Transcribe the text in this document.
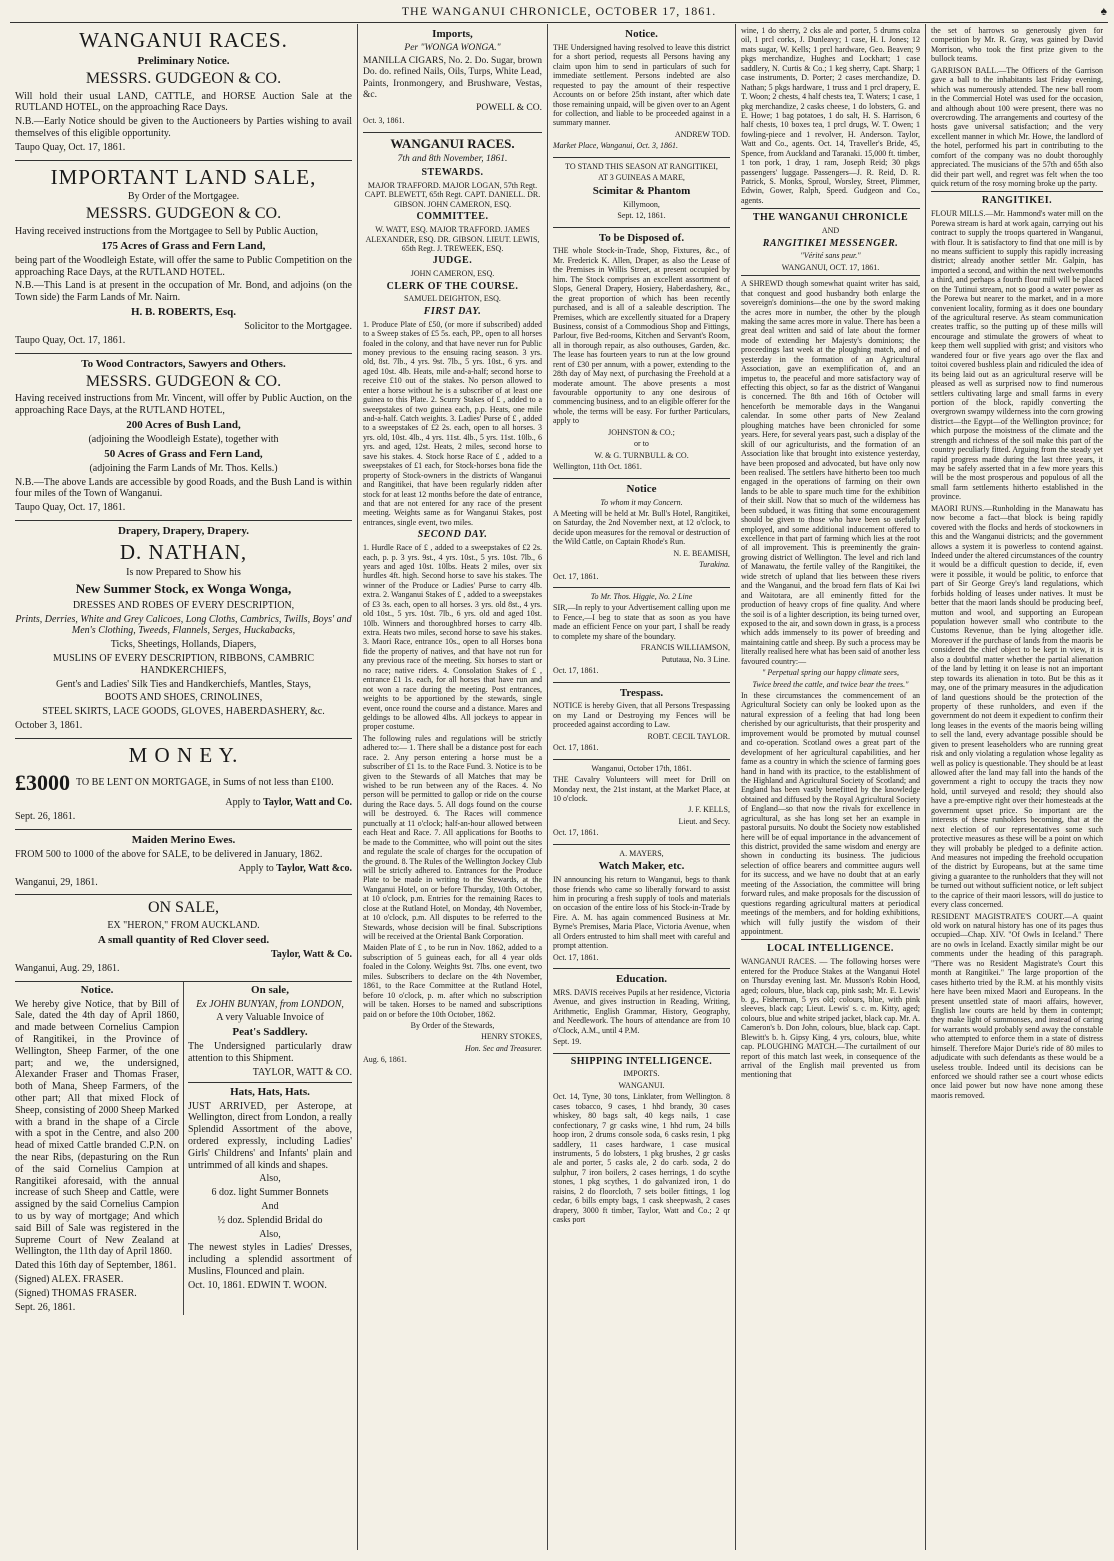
THE WANGANUI CHRONICLE, OCTOBER 17, 1861.	♠
WANGANUI RACES.
Preliminary Notice.
MESSRS. GUDGEON & CO.
Will hold their usual LAND, CATTLE, and HORSE Auction Sale at the RUTLAND HOTEL, on the approaching Race Days.
N.B.—Early Notice should be given to the Auctioneers by Parties wishing to avail themselves of this eligible opportunity.
Taupo Quay, Oct. 17, 1861.
IMPORTANT LAND SALE,
By Order of the Mortgagee.
MESSRS. GUDGEON & CO.
Having received instructions from the Mortgagee to Sell by Public Auction,
175 Acres of Grass and Fern Land,
being part of the Woodleigh Estate, will offer the same to Public Competition on the approaching Race Days, at the RUTLAND HOTEL.
N.B.—This Land is at present in the occupation of Mr. Bond, and adjoins (on the Town side) the Farm Lands of Mr. Nairn.
H. B. ROBERTS, Esq.
Solicitor to the Mortgagee.
Taupo Quay, Oct. 17, 1861.
To Wood Contractors, Sawyers and Others.
MESSRS. GUDGEON & CO.
Having received instructions from Mr. Vincent, will offer by Public Auction, on the approaching Race Days, at the RUTLAND HOTEL,
200 Acres of Bush Land,
(adjoining the Woodleigh Estate), together with
50 Acres of Grass and Fern Land,
(adjoining the Farm Lands of Mr. Thos. Kells.)
N.B.—The above Lands are accessible by good Roads, and the Bush Land is within four miles of the Town of Wanganui.
Taupo Quay, Oct. 17, 1861.
Drapery, Drapery, Drapery.
D. NATHAN,
Is now Prepared to Show his
New Summer Stock, ex Wonga Wonga,
DRESSES AND ROBES OF EVERY DESCRIPTION,
Prints, Derries, White and Grey Calicoes, Long Cloths, Cambrics, Twills, Boys' and Men's Clothing, Tweeds, Flannels, Serges, Huckabacks,
Ticks, Sheetings, Hollands, Diapers,
MUSLINS OF EVERY DESCRIPTION, RIBBONS, CAMBRIC HANDKERCHIEFS,
Gent's and Ladies' Silk Ties and Handkerchiefs, Mantles, Stays,
BOOTS AND SHOES, CRINOLINES,
STEEL SKIRTS, LACE GOODS, GLOVES, HABERDASHERY, &c.
October 3, 1861.
M O N E Y.
£3000 TO BE LENT ON MORTGAGE, in Sums of not less than £100.
Apply to Taylor, Watt and Co.
Sept. 26, 1861.
Maiden Merino Ewes.
FROM 500 to 1000 of the above for SALE, to be delivered in January, 1862.
Apply to Taylor, Watt &co.
Wanganui, 29, 1861.
ON SALE,
EX "HERON," FROM AUCKLAND.
A small quantity of Red Clover seed.
Taylor, Watt & Co.
Wanganui, Aug. 29, 1861.
Notice.
We hereby give Notice, that by Bill of Sale, dated the 4th day of April 1860, and made between Cornelius Campion of Rangitikei, in the Province of Wellington, Sheep Farmer, of the one part; and we, the undersigned, Alexander Fraser and Thomas Fraser, both of Mana, Sheep Farmers, of the other part; All that mixed Flock of Sheep, consisting of 2000 Sheep Marked with a brand in the shape of a Circle with a spot in the Centre, and also 200 head of mixed Cattle branded C.P.N. on the near Ribs, (depasturing on the Run of the said Cornelius Campion at Rangitikei aforesaid, with the annual increase of such Sheep and Cattle, were assigned by the said Cornelius Campion to us by way of mortgage; And which said Bill of Sale was registered in the Supreme Court of New Zealand at Wellington, the 11th day of April 1860.
Dated this 16th day of September, 1861.
(Signed) ALEX. FRASER.
(Signed) THOMAS FRASER.
Sept. 26, 1861.
On sale,
Ex JOHN BUNYAN, from LONDON,
A very Valuable Invoice of
Peat's Saddlery.
The Undersigned particularly draw attention to this Shipment.
TAYLOR, WATT & CO.
Hats, Hats, Hats.
JUST ARRIVED, per Asterope, at Wellington, direct from London, a really Splendid Assortment of the above, ordered expressly, including Ladies' Girls' Childrens' and Infants' plain and untrimmed of all kinds and shapes.
Also,
6 doz. light Summer Bonnets
And
½ doz. Splendid Bridal do
Also,
The newest styles in Ladies' Dresses, including a splendid assortment of Muslins, Flounced and plain.
Oct. 10, 1861. EDWIN T. WOON.
Imports,
Per "WONGA WONGA."
MANILLA CIGARS, No. 2. Do. Sugar, brown Do. do. refined Nails, Oils, Turps, White Lead, Paints, Ironmongery, and Brushware, Vestas, &c.
POWELL & CO.
Oct. 3, 1861.
WANGANUI RACES.
7th and 8th November, 1861.
STEWARDS.
MAJOR TRAFFORD. MAJOR LOGAN, 57th Regt. CAPT. BLEWETT, 65th Regt. CAPT. DANIELL. DR. GIBSON. JOHN CAMERON, ESQ.
COMMITTEE.
W. WATT, ESQ. MAJOR TRAFFORD. JAMES ALEXANDER, ESQ. DR. GIBSON. LIEUT. LEWIS, 65th Regt. J. TREWEEK, ESQ.
JUDGE.
JOHN CAMERON, ESQ.
CLERK OF THE COURSE.
SAMUEL DEIGHTON, ESQ.
FIRST DAY.
1. Produce Plate of £50, (or more if subscribed) added to a Sweep stakes of £5 5s. each, PP., open to all horses foaled in the colony, and that have never run for Public money previous to the ensuing racing season. 3 yrs. old, 8st. 7lb., 4 yrs. 9st. 7lb., 5 yrs. 10st., 6 yrs. and aged 10st. 4lb. Heats, mile and-a-half; second horse to receive £10 out of the stakes. No person allowed to enter a horse without he is a subscriber of at least one guinea to this Plate. 2. Scurry Stakes of £ , added to a sweepstakes of two guinea each, p.p. Heats, one mile and-a-half. Catch weights. 3. Ladies' Purse of £ , added to a sweepstakes of £2 2s. each, open to all horses. 3 yrs. old, 10st. 4lb., 4 yrs. 11st. 4lb., 5 yrs. 11st. 10lb., 6 yrs. and aged, 12st. Heats, 2 miles, second horse to save his stakes. 4. Stock horse Race of £ , added to a sweepstakes of £1 each, for Stock-horses bona fide the property of Stock-owners in the districts of Wanganui and Rangitikei, that have been regularly ridden after stock for at least 12 months before the date of entrance, and that are not entered for any race of the present meeting. Weights same as for Wanganui Stakes, post entrances, single event, two miles.
SECOND DAY.
1. Hurdle Race of £ , added to a sweepstakes of £2 2s. each, p. p. 3 yrs. 9st., 4 yrs. 10st., 5 yrs. 10st. 7lb., 6 years and aged 10st. 10lbs. Heats 2 miles, over six hurdles 4ft. high. Second horse to save his stakes. The winner of the Produce or Ladies' Purse to carry 4lb. extra. 2. Wanganui Stakes of £ , added to a sweepstakes of £3 3s. each, open to all horses. 3 yrs. old 8st., 4 yrs. old 10st., 5 yrs. 10st. 7lb., 6 yrs. old and aged 10st. 10lb. Winners and thoroughbred horses to carry 4lb. extra. Heats two miles, second horse to save his stakes. 3. Maori Race, entrance 10s., open to all Horses bona fide the property of natives, and that have not run for any previous race of the meeting. Six horses to start or no race; native riders. 4. Consolation Stakes of £ , entrance £1 1s. each, for all horses that have run and not won a race during the meeting. Post entrances, weights to be apportioned by the stewards, single event, once round the course and a distance. Mares and geldings to be allowed 4lbs. All jockeys to appear in proper costume.
The following rules and regulations will be strictly adhered to:— 1. There shall be a distance post for each race. 2. Any person entering a horse must be a subscriber of £1 1s. to the Race Fund. 3. Notice is to be given to the Stewards of all Matches that may be wished to be run between any of the Races. 4. No person will be permitted to gallop or ride on the course during the Race days. 5. All dogs found on the course will be destroyed. 6. The Races will commence punctually at 11 o'clock; half-an-hour allowed between each Heat and Race. 7. All applications for Booths to be made to the Committee, who will point out the sites and regulate the scale of charges for the occupation of the ground. 8. The Rules of the Wellington Jockey Club will be strictly adhered to. Entrances for the Produce Plate to be made in writing to the Stewards, at the Wanganui Hotel, on or before Thursday, 10th October, at 10 o'clock, p.m. Entries for the remaining Races to close at the Rutland Hotel, on Monday, 4th November, at 10 o'clock, p.m. All disputes to be referred to the Stewards, whose decision will be final. Subscriptions will be received at the Oriental Bank Corporation.
Maiden Plate of £ , to be run in Nov. 1862, added to a subscription of 5 guineas each, for all 4 year olds foaled in the Colony. Weights 9st. 7lbs. one event, two miles. Subscribers to declare on the 4th November, 1861, to the Race Committee at the Rutland Hotel, before 10 o'clock, p. m. after which no subscription will be taken. Horses to be named and subscriptions paid on or before the 10th October, 1862.
By Order of the Stewards,
HENRY STOKES,
Hon. Sec and Treasurer.
Aug. 6, 1861.
Notice.
THE Undersigned having resolved to leave this district for a short period, requests all Persons having any claim upon him to send in particulars of such for immediate settlement. Persons indebted are also requested to pay the amount of their respective Accounts on or before 25th instant, after which date those remaining unpaid, will be given over to an Agent for collection, and liable to be proceeded against in a summary manner.
ANDREW TOD.
Market Place, Wanganui, Oct. 3, 1861.
TO STAND THIS SEASON AT RANGITIKEI,
AT 3 GUINEAS A MARE,
Scimitar & Phantom
Killymoon,
Sept. 12, 1861.
To be Disposed of.
THE whole Stock-in-Trade, Shop, Fixtures, &c., of Mr. Frederick K. Allen, Draper, as also the Lease of the Premises in Willis Street, at present occupied by him. The Stock comprises an excellent assortment of Slops, General Drapery, Hosiery, Haberdashery, &c., the great proportion of which has been recently purchased, and is all of a saleable description. The Premises, which are excellently situated for a Drapery Business, consist of a Commodious Shop and Fittings, Parlour, five Bed-rooms, Kitchen and Servant's Room, all in thorough repair, as also outhouses, Garden, &c. The lease has fourteen years to run at the low ground rent of £30 per annum, with a power, extending to the 28th day of May next, of purchasing the Freehold at a moderate amount. The above presents a most favourable opportunity to any one desirous of commencing business, and to an eligible offerer for the whole, the terms will be easy. For further Particulars, apply to
JOHNSTON & CO.;
or to
W. & G. TURNBULL & CO.
Wellington, 11th Oct. 1861.
Notice
To whom it may Concern.
A Meeting will be held at Mr. Bull's Hotel, Rangitikei, on Saturday, the 2nd November next, at 12 o'clock, to decide upon measures for the removal or destruction of the Wild Cattle, on Captain Rhode's Run.
N. E. BEAMISH,
Turakina.
Oct. 17, 1861.
To Mr. Thos. Higgie, No. 2 Line
SIR,—In reply to your Advertisement calling upon me to Fence,—I beg to state that as soon as you have made an efficient Fence on your part, I shall be ready to complete my share of the boundary.
FRANCIS WILLIAMSON,
Pututaua, No. 3 Line.
Oct. 17, 1861.
Trespass.
NOTICE is hereby Given, that all Persons Trespassing on my Land or Destroying my Fences will be proceeded against according to Law.
ROBT. CECIL TAYLOR.
Oct. 17, 1861.
Wanganui, October 17th, 1861.
THE Cavalry Volunteers will meet for Drill on Monday next, the 21st instant, at the Market Place, at 10 o'clock.
J. F. KELLS,
Lieut. and Secy.
Oct. 17, 1861.
A. MAYERS,
Watch Maker, etc.
IN announcing his return to Wanganui, begs to thank those friends who came so liberally forward to assist him in procuring a fresh supply of tools and materials on occasion of the entire loss of his Stock-in-Trade by Fire. A. M. has again commenced Business at Mr. Byrne's Premises, Maria Place, Victoria Avenue, when all Orders entrusted to him shall meet with careful and prompt attention.
Oct. 17, 1861.
Education.
MRS. DAVIS receives Pupils at her residence, Victoria Avenue, and gives instruction in Reading, Writing, Arithmetic, English Grammar, History, Geography, and Needlework. The hours of attendance are from 10 o'Clock, A.M., until 4 P.M.
Sept. 19.
SHIPPING INTELLIGENCE.
IMPORTS.
WANGANUI.
Oct. 14, Tyne, 30 tons, Linklater, from Wellington. 8 cases tobacco, 9 cases, 1 hhd brandy, 30 cases whiskey, 80 bags salt, 40 kegs nails, 1 case confectionary, 7 gr casks wine, 1 hhd rum, 24 bills hoop iron, 2 drums console soda, 6 casks resin, 1 pkg saddlery, 11 cases hardware, 1 case musical instruments, 5 do lobsters, 1 pkg brushes, 2 gr casks ale and porter, 5 casks ale, 2 do carb. soda, 2 do sulphur, 7 iron boilers, 2 cases herrings, 1 do scythe stones, 1 pkg scythes, 1 do galvanized iron, 1 do raisins, 2 do floorcloth, 7 sets boiler fittings, 1 log cedar, 6 bills empty bags, 1 cask sheepwash, 2 cases drapery, 3000 ft timber, Taylor, Watt and Co.; 2 qr casks port
wine, 1 do sherry, 2 cks ale and porter, 5 drums colza oil, 1 prcl corks, J. Dunleavy; 1 case, H. I. Jones; 12 mats sugar, W. Kells; 1 prcl hardware, Geo. Beaven; 9 pkgs merchandize, Hughes and Lockhart; 1 case saddlery, N. Curtis & Co.; 1 keg sherry, Capt. Sharp; 1 case instruments, D. Porter; 2 cases merchandize, D. Nathan; 5 pkgs hardware, 1 truss and 1 prcl drapery, E. T. Woon; 2 chests, 4 half chests tea, T. Waters; 1 case, 1 pkg merchandize, 2 casks cheese, 1 do lobsters, G. and E. Howe; 1 bag potatoes, 1 do salt, H. S. Harrison, 6 half chests, 10 boxes tea, 1 prcl drugs, W. T. Owen; 1 fowling-piece and 1 revolver, H. Anderson. Taylor, Watt and Co., agents. Oct. 14, Traveller's Bride, 45, Spence, from Auckland and Taranaki. 15,000 ft. timber, 1 ton pork, 1 dray, 1 ram, Joseph Reid; 30 pkgs passengers' luggage. Passengers—J. R. Reid, D. R. Patrick, S. Monks, Sproul, Worsley, Street, Plimmer, Edwin, Gower, Ralph, Speed. Gudgeon and Co., agents.
THE WANGANUI CHRONICLE
AND
RANGITIKEI MESSENGER.
"Vérité sans peur."
WANGANUI, OCT. 17, 1861.
A SHREWD though somewhat quaint writer has said, that conquest and good husbandry both enlarge the sovereign's dominions—the one by the sword making the acres more in number, the other by the plough making the same acres more in value. There has been a great deal written and said of late about the former mode of extending her Majesty's dominions; the proceedings last week at the ploughing match, and of yesterday in the formation of an Agricultural Association, gave an exemplification of, and an impetus to, the peaceful and more satisfactory way of effecting this object, so far as the district of Wanganui is concerned. The 8th and 16th of October will henceforth be memorable days in the Wanganui calendar. In some other parts of New Zealand ploughing matches have been chronicled for some years. Here, for several years past, such a display of the skill of our agriculturists, and the formation of an Association like that brought into existence yesterday, have been proposed and advocated, but have only now been realised. The settlers have hitherto been too much engaged in the operations of farming on their own lands to be able to spare much time for the exhibition of their skill. Now that so much of the wilderness has been subdued, it was fitting that some encouragement should be given to those who have been so usefully employed, and some additional inducement offered to excellence in that part of farming which lies at the root of all improvement. This is preeminently the grain-growing district of Wellington. The level and rich land of Manawatu, the fertile valley of the Rangitikei, the wide stretch of upland that lies between these rivers and the Wanganui, and the broad fern flats of Kai Iwi and Waitotara, are all eminently fitted for the production of heavy crops of fine quality. And where the soil is of a lighter description, its being turned over, exposed to the air, and sown down in grass, is a process which adds immensely to its power of breeding and maintaining cattle and sheep. By such a process may be literally realised here what has been said of another less favoured country:—
" Perpetual spring our happy climate sees,
Twice breed the cattle, and twice bear the trees."
In these circumstances the commencement of an Agricultural Society can only be looked upon as the natural expression of a feeling that had long been cherished by our agriculturists, that their prosperity and improvement would be promoted by mutual counsel and co-operation. Scotland owes a great part of the development of her agricultural capabilities, and her fame as a country in which the science of farming goes hand in hand with its practice, to the establishment of the Highland and Agricultural Society of Scotland; and England has been vastly benefitted by the knowledge obtained and diffused by the Royal Agricultural Society of England—so that now the rivals for excellence in agricultural, as she has long set her an example in pastoral pursuits. No doubt the Society now established here will be of equal importance in the advancement of this district, provided the same wisdom and energy are shown in conducting its business. The judicious selection of office bearers and committee augurs well for its success, and we have no doubt that at an early meeting of the Association, the committee will bring forward rules, and make proposals for the discussion of questions regarding agricultural matters at periodical meetings of the members, and for holding exhibitions, which will fully justify the wisdom of their appointment.
LOCAL INTELLIGENCE.
WANGANUI RACES. — The following horses were entered for the Produce Stakes at the Wanganui Hotel on Thursday evening last. Mr. Musson's Robin Hood, aged; colours, blue, black cap, pink sash; Mr. E. Lewis' b. g., Fisherman, 5 yrs old; colours, blue, with pink sleeves, black cap; Lieut. Lewis' s. c. m. Kitty, aged; colours, blue and white striped jacket, black cap. Mr. A. Cameron's b. Don John, colours, blue, black cap. Capt. Blewitt's b. h. Gipsy King, 4 yrs, colours, blue, white cap. PLOUGHING MATCH.—The curtailment of our report of this match last week, in consequence of the arrival of the English mail prevented us from mentioning that
the set of harrows so generously given for competition by Mr. R. Gray, was gained by David Morrison, who took the first prize given to the bullock teams.
GARRISON BALL.—The Officers of the Garrison gave a ball to the inhabitants last Friday evening, which was numerously attended. The new ball room in the Commercial Hotel was used for the occasion, and although about 100 were present, there was no overcrowding. The arrangements and courtesy of the hosts gave universal satisfaction; and the very excellent manner in which Mr. Howe, the landlord of the hotel, performed his part in contributing to the comfort of the company was no doubt thoroughly appreciated. The musicians of the 57th and 65th also did their part well, and regret was felt when the too quick return of the rosy morning broke up the party.
RANGITIKEI.
FLOUR MILLS.—Mr. Hammond's water mill on the Porewa stream is hard at work again, carrying out his contract to supply the troops quartered in Wanganui, with flour. It is satisfactory to find that one mill is by no means sufficient to supply this rapidly increasing district; already another settler Mr. Galpin, has imported a second, and within the next twelvemonths a third, and perhaps a fourth flour mill will be placed on the Tutinui stream, not so good a water power as the Porewa but nearer to the market, and in a more convenient locality, forming as it does one boundary of the agricultural reserve. As steam communication creates traffic, so the putting up of these mills will encourage and stimulate the growers of wheat to keep them well supplied with grist; and visitors who wandered four or five years ago over the flax and toitoi covered bushless plain and ridiculed the idea of its being laid out as an agricultural reserve will be pleased as well as surprised now to find numerous settlers cultivating large and small farms in every portion of the block, rapidly converting the overgrown swampy wilderness into the corn growing district—the Egypt—of the Wellington province; for which purpose the moistness of the climate and the strength and richness of the soil make this part of the country peculiarly fitted. Arguing from the steady yet rapid progress made during the last three years, it may be safely asserted that in a few more years this will be the most prosperous and populous of all the small farm settlements hitherto established in the province.
MAORI RUNS.—Runholding in the Manawatu has now become a fact—that block is being rapidly covered with the flocks and herds of stockowners in this and the Wanganui districts; and the government allows a system it is powerless to contend against. Indeed under the altered circumstances of the country it would be a difficult question to decide, if, even were it possible, it would be politic, to enforce that part of Sir George Grey's land regulations, which forbids holding of leases under natives. It must be better that the maori lands should be producing beef, mutton and wool, and supporting an European population however small who contribute to the Customs Revenue, than be lying altogether idle. Moreover if the purchase of lands from the maoris be considered the chief object to be kept in view, it is also a doubtful matter whether the partial alienation of the land by letting it on lease is not an important step towards its alienation in toto. But be this as it may, one of the primary measures in the adjudication of land questions should be the protection of the property of these runholders, and even if the government do not deem it expedient to confirm their long leases in the events of the maoris being willing to sell the land, every advantage possible should be given to present leaseholders who are running great risk and only violating a regulation whose legality as well as policy is questionable. They should be at least allowed after the land may fall into the hands of the government a right to occupy the tracts they now hold, until surveyed and resold; they should also have a pre-emptive right over their homesteads at the government upset price. So important are the interests of these runholders becoming, that at the next election of our representatives some such protective measures as these will be a point on which they will probably be pledged to a definite action. And measures not impeding the freehold occupation of the district by Europeans, but at the same time giving a guarantee to the runholders that they will not be turned out without sufficient notice, or left subject to the caprice of their maori lessors, will do justice to every class concerned.
RESIDENT MAGISTRATE'S COURT.—A quaint old work on natural history has one of its pages thus occupied—Chap. XIV. "Of Owls in Iceland." There are no owls in Iceland. Exactly similar might be our comments under the heading of this paragraph. "There was no Resident Magistrate's Court this month at Rangitikei." The large proportion of the cases hitherto tried by the R.M. at his monthly visits here have been mixed Maori and Europeans. In the present unsettled state of maori affairs, however, English law courts are held by them in contempt; they make light of summonses, and instead of caring for warrants would probably send away the constable who attempted to enforce them in a state of distress himself. Therefore Major Durie's ride of 80 miles to adjudicate with such defendants as these would be a useless trouble. Indeed until its decisions can be enforced we should rather see a court whose edicts once laid power but now have none among these maoris removed.
